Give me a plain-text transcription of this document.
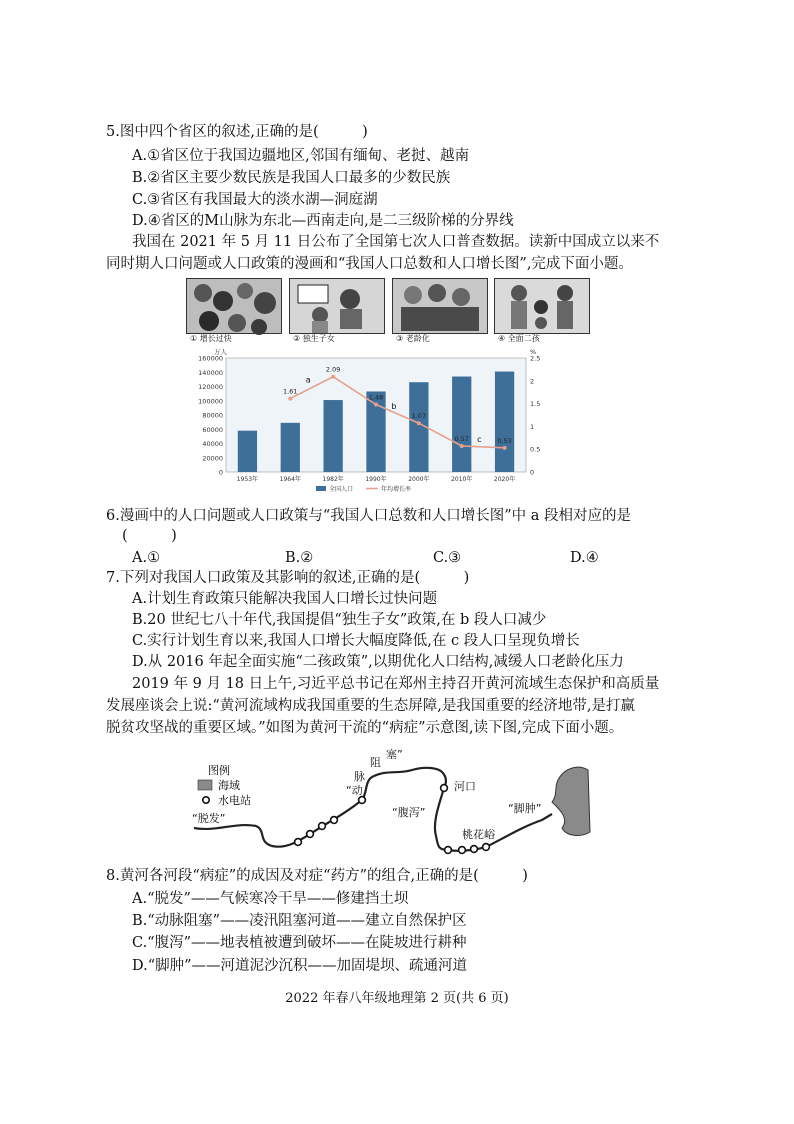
5.图中四个省区的叙述,正确的是(　　　)
A.①省区位于我国边疆地区,邻国有缅甸、老挝、越南
B.②省区主要少数民族是我国人口最多的少数民族
C.③省区有我国最大的淡水湖—洞庭湖
D.④省区的M山脉为东北—西南走向,是二三级阶梯的分界线
我国在 2021 年 5 月 11 日公布了全国第七次人口普查数据。读新中国成立以来不
同时期人口问题或人口政策的漫画和“我国人口总数和人口增长图”,完成下面小题。
① 增长过快	② 独生子女	③ 老龄化	④ 全面二孩
0
20000
40000
60000
80000
100000
120000
140000
160000
0
0.5
1
1.5
2
2.5
万人	%
1953年	1964年	1982年	1990年	2000年	2010年	2020年
1.61
2.09
1.48
1.07
0.57	0.53
a
b
c
全国人口	年均增长率
6.漫画中的人口问题或人口政策与“我国人口总数和人口增长图”中 a 段相对应的是
(　　　)
A.①	B.②	C.③	D.④
7.下列对我国人口政策及其影响的叙述,正确的是(　　　)
A.计划生育政策只能解决我国人口增长过快问题
B.20 世纪七八十年代,我国提倡“独生子女”政策,在 b 段人口减少
C.实行计划生育以来,我国人口增长大幅度降低,在 c 段人口呈现负增长
D.从 2016 年起全面实施“二孩政策”,以期优化人口结构,减缓人口老龄化压力
2019 年 9 月 18 日上午,习近平总书记在郑州主持召开黄河流域生态保护和高质量
发展座谈会上说:“黄河流域构成我国重要的生态屏障,是我国重要的经济地带,是打赢
脱贫攻坚战的重要区域。”如图为黄河干流的“病症”示意图,读下图,完成下面小题。
图例
海域
水电站
“脱发”
“动
脉
阻
塞”
河口
“腹泻”
桃花峪
“脚肿”
8.黄河各河段“病症”的成因及对症“药方”的组合,正确的是(　　　)
A.“脱发”——气候寒冷干旱——修建挡土坝
B.“动脉阻塞”——凌汛阻塞河道——建立自然保护区
C.“腹泻”——地表植被遭到破坏——在陡坡进行耕种
D.“脚肿”——河道泥沙沉积——加固堤坝、疏通河道
2022 年春八年级地理第 2 页(共 6 页)
